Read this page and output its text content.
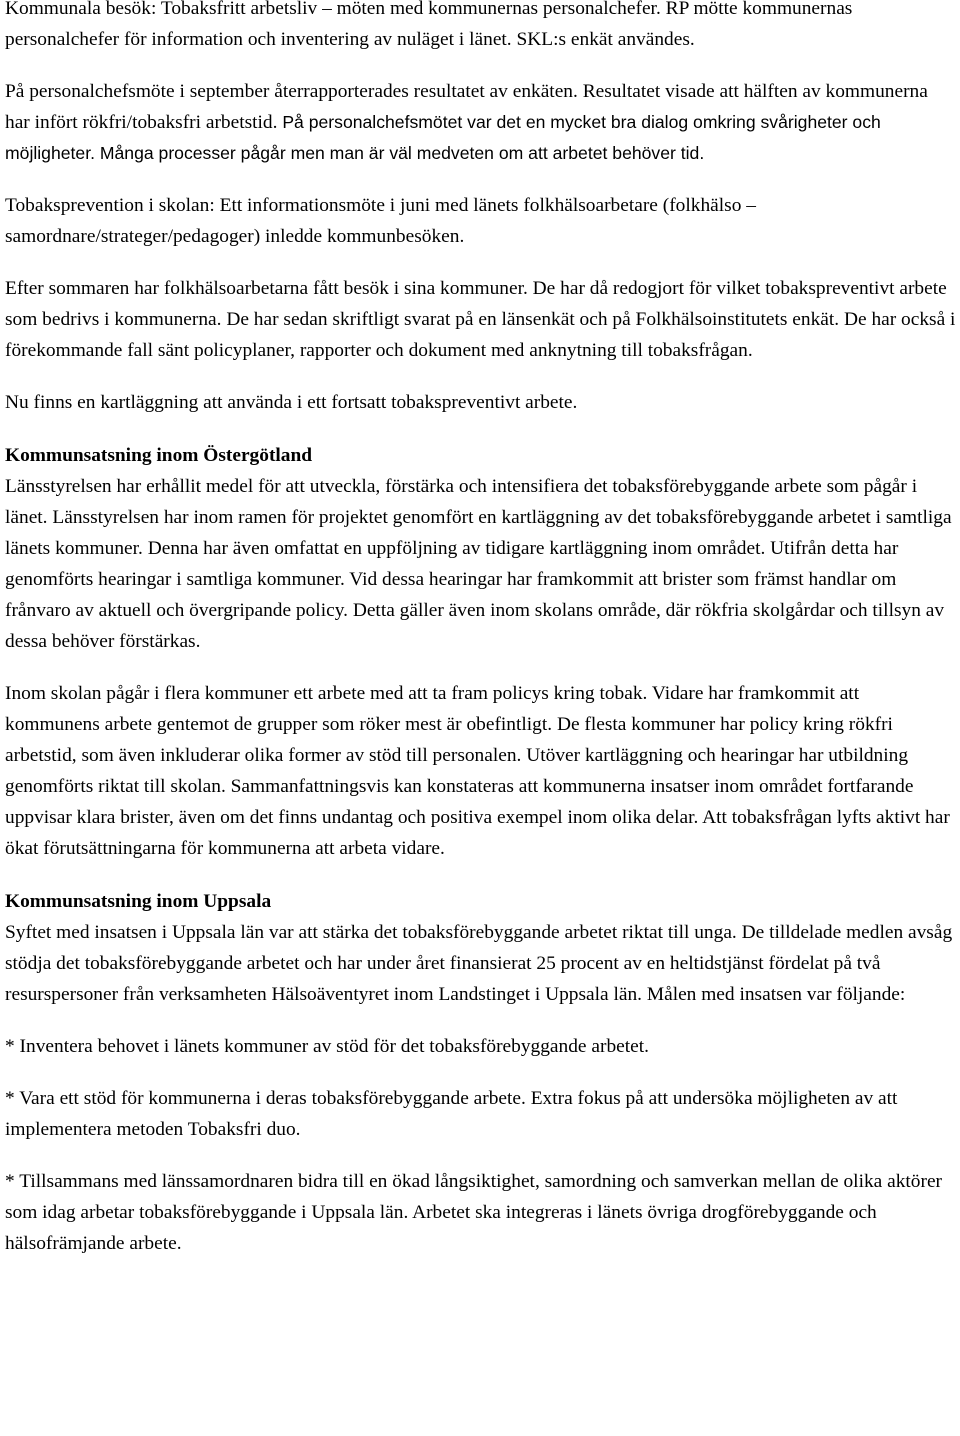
Kommunala besök: Tobaksfritt arbetsliv – möten med kommunernas personalchefer. RP mötte kommunernas personalchefer för information och inventering av nuläget i länet. SKL:s enkät användes.

På personalchefsmöte i september återrapporterades resultatet av enkäten. Resultatet visade att hälften av kommunerna har infört rökfri/tobaksfri arbetstid. På personalchefsmötet var det en mycket bra dialog omkring svårigheter och möjligheter. Många processer pågår men man är väl medveten om att arbetet behöver tid.

Tobaksprevention i skolan: Ett informationsmöte i juni med länets folkhälsoarbetare (folkhälso – samordnare/strateger/pedagoger) inledde kommunbesöken.

Efter sommaren har folkhälsoarbetarna fått besök i sina kommuner. De har då redogjort för vilket tobakspreventivt arbete som bedrivs i kommunerna. De har sedan skriftligt svarat på en länsenkät och på Folkhälsoinstitutets enkät. De har också i förekommande fall sänt policyplaner, rapporter och dokument med anknytning till tobaksfrågan.

Nu finns en kartläggning att använda i ett fortsatt tobakspreventivt arbete.

Kommunsatsning inom Östergötland

Länsstyrelsen har erhållit medel för att utveckla, förstärka och intensifiera det tobaksförebyggande arbete som pågår i länet. Länsstyrelsen har inom ramen för projektet genomfört en kartläggning av det tobaksförebyggande arbetet i samtliga länets kommuner. Denna har även omfattat en uppföljning av tidigare kartläggning inom området. Utifrån detta har genomförts hearingar i samtliga kommuner. Vid dessa hearingar har framkommit att brister som främst handlar om frånvaro av aktuell och övergripande policy. Detta gäller även inom skolans område, där rökfria skolgårdar och tillsyn av dessa behöver förstärkas.

Inom skolan pågår i flera kommuner ett arbete med att ta fram policys kring tobak. Vidare har framkommit att kommunens arbete gentemot de grupper som röker mest är obefintligt. De flesta kommuner har policy kring rökfri arbetstid, som även inkluderar olika former av stöd till personalen. Utöver kartläggning och hearingar har utbildning genomförts riktat till skolan. Sammanfattningsvis kan konstateras att kommunerna insatser inom området fortfarande uppvisar klara brister, även om det finns undantag och positiva exempel inom olika delar. Att tobaksfrågan lyfts aktivt har ökat förutsättningarna för kommunerna att arbeta vidare.

Kommunsatsning inom Uppsala

Syftet med insatsen i Uppsala län var att stärka det tobaksförebyggande arbetet riktat till unga. De tilldelade medlen avsåg stödja det tobaksförebyggande arbetet och har under året finansierat 25 procent av en heltidstjänst fördelat på två resurspersoner från verksamheten Hälsoäventyret inom Landstinget i Uppsala län. Målen med insatsen var följande:

* Inventera behovet i länets kommuner av stöd för det tobaksförebyggande arbetet.

* Vara ett stöd för kommunerna i deras tobaksförebyggande arbete. Extra fokus på att undersöka möjligheten av att implementera metoden Tobaksfri duo.

* Tillsammans med länssamordnaren bidra till en ökad långsiktighet, samordning och samverkan mellan de olika aktörer som idag arbetar tobaksförebyggande i Uppsala län. Arbetet ska integreras i länets övriga drogförebyggande och hälsofrämjande arbete.
